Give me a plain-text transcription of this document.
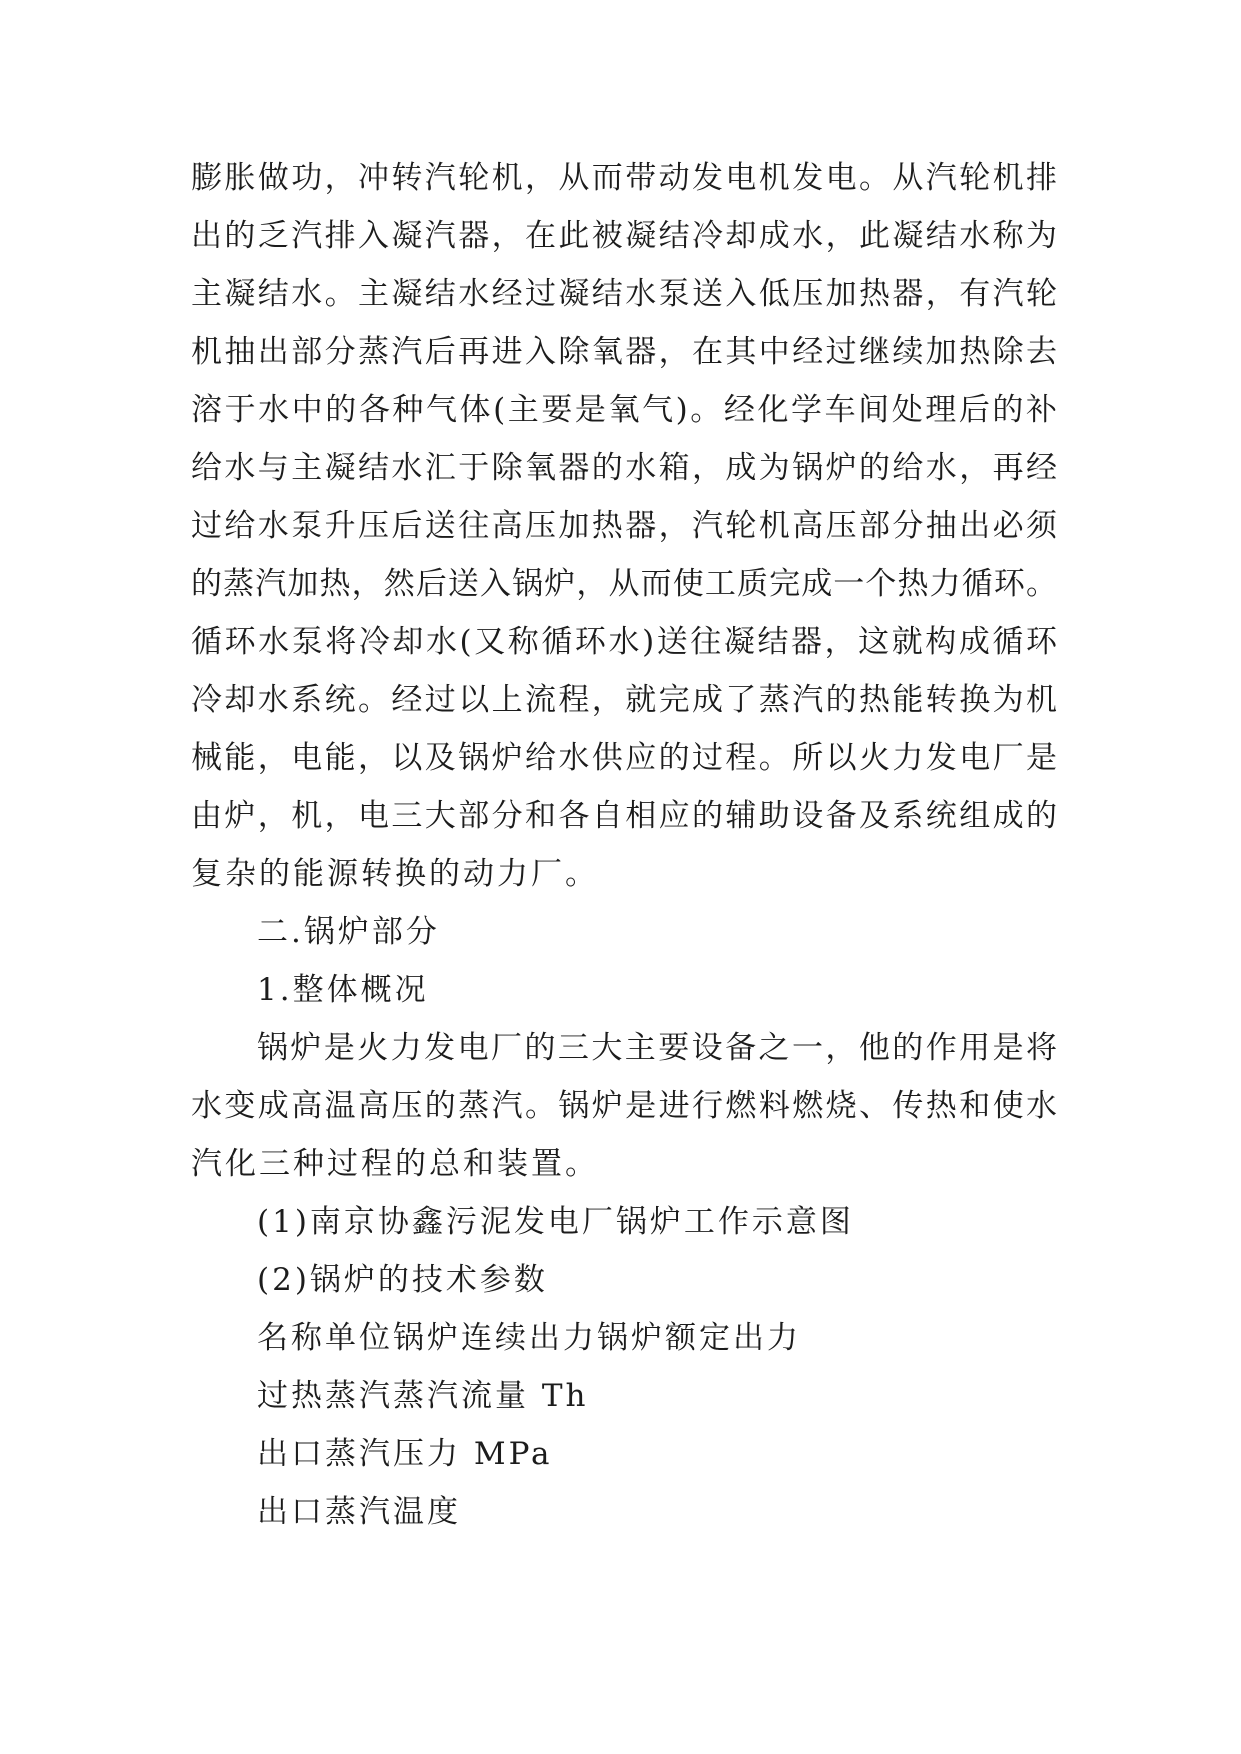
膨胀做功，冲转汽轮机，从而带动发电机发电。从汽轮机排
出的乏汽排入凝汽器，在此被凝结冷却成水，此凝结水称为
主凝结水。主凝结水经过凝结水泵送入低压加热器，有汽轮
机抽出部分蒸汽后再进入除氧器，在其中经过继续加热除去
溶于水中的各种气体(主要是氧气)。经化学车间处理后的补
给水与主凝结水汇于除氧器的水箱，成为锅炉的给水，再经
过给水泵升压后送往高压加热器，汽轮机高压部分抽出必须
的蒸汽加热，然后送入锅炉，从而使工质完成一个热力循环。
循环水泵将冷却水(又称循环水)送往凝结器，这就构成循环
冷却水系统。经过以上流程，就完成了蒸汽的热能转换为机
械能，电能，以及锅炉给水供应的过程。所以火力发电厂是
由炉，机，电三大部分和各自相应的辅助设备及系统组成的
复杂的能源转换的动力厂。
二.锅炉部分
1.整体概况
锅炉是火力发电厂的三大主要设备之一，他的作用是将
水变成高温高压的蒸汽。锅炉是进行燃料燃烧、传热和使水
汽化三种过程的总和装置。
(1)南京协鑫污泥发电厂锅炉工作示意图
(2)锅炉的技术参数
名称单位锅炉连续出力锅炉额定出力
过热蒸汽蒸汽流量 Th
出口蒸汽压力 MPa
出口蒸汽温度
